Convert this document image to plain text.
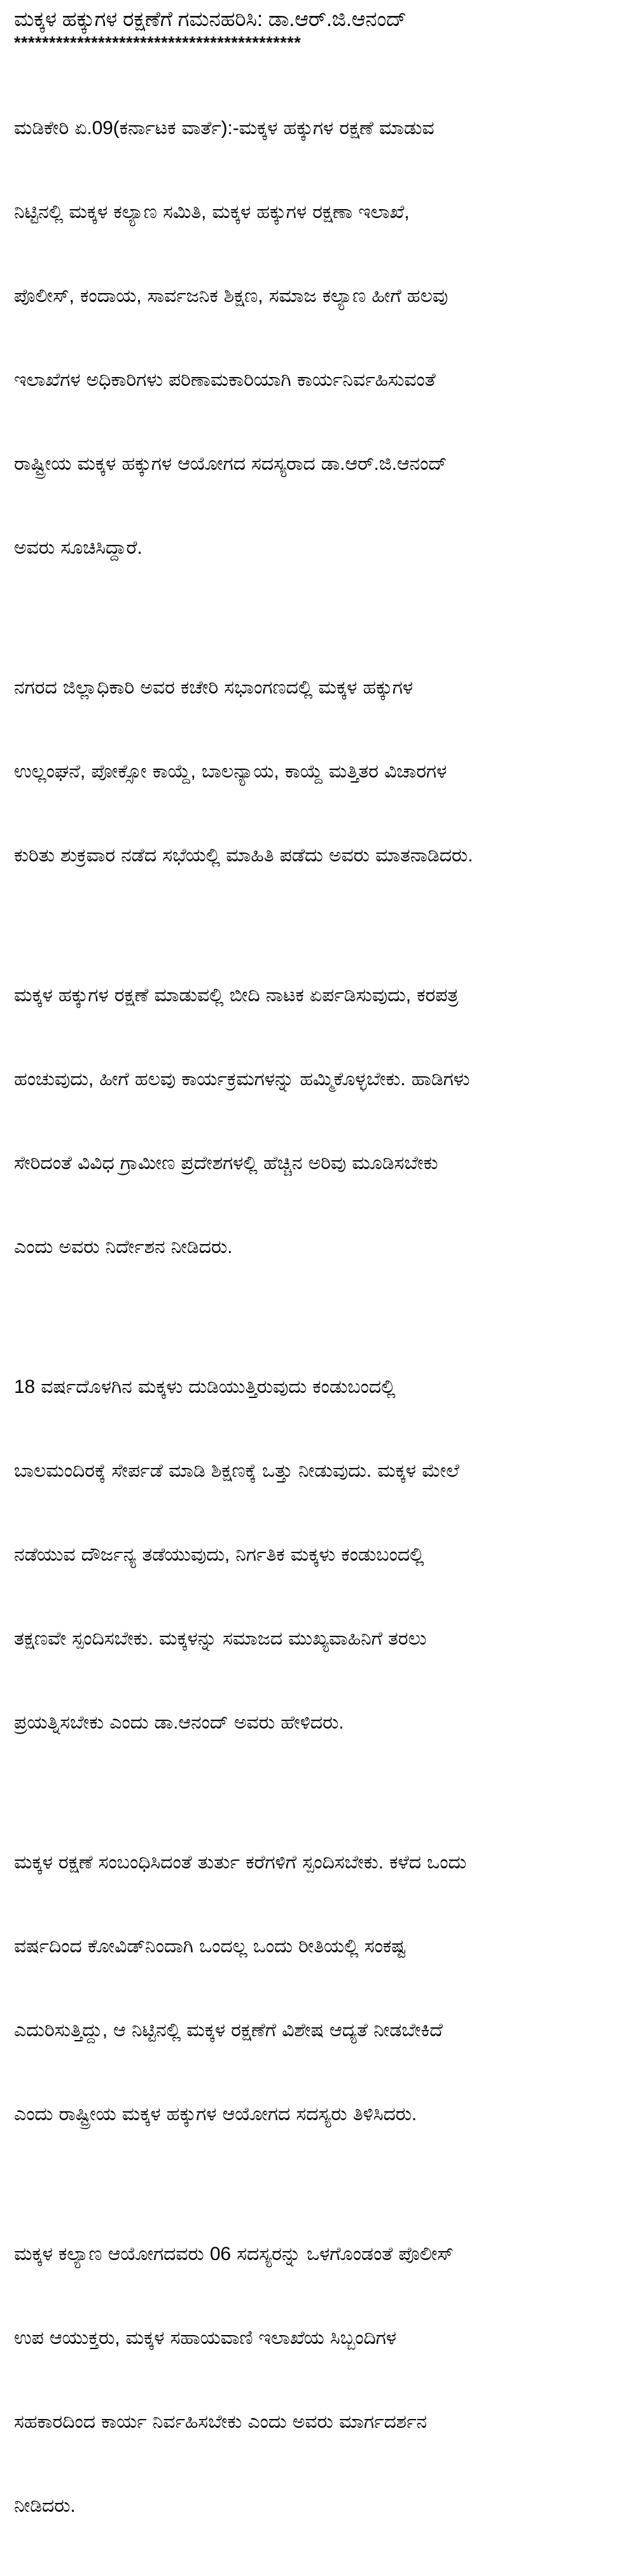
ಮಕ್ಕಳ ಹಕ್ಕುಗಳ ರಕ್ಷಣೆಗೆ ಗಮನಹರಿಸಿ: ಡಾ.ಆರ್.ಜಿ.ಆನಂದ್
*****************************************

ಮಡಿಕೇರಿ ಏ.09(ಕರ್ನಾಟಕ ವಾರ್ತೆ):-ಮಕ್ಕಳ ಹಕ್ಕುಗಳ ರಕ್ಷಣೆ ಮಾಡುವ

ನಿಟ್ಟಿನಲ್ಲಿ ಮಕ್ಕಳ ಕಲ್ಯಾಣ ಸಮಿತಿ, ಮಕ್ಕಳ ಹಕ್ಕುಗಳ ರಕ್ಷಣಾ ಇಲಾಖೆ,

ಪೊಲೀಸ್, ಕಂದಾಯ, ಸಾರ್ವಜನಿಕ ಶಿಕ್ಷಣ, ಸಮಾಜ ಕಲ್ಯಾಣ ಹೀಗೆ ಹಲವು

ಇಲಾಖೆಗಳ ಅಧಿಕಾರಿಗಳು ಪರಿಣಾಮಕಾರಿಯಾಗಿ ಕಾರ್ಯನಿರ್ವಹಿಸುವಂತೆ

ರಾಷ್ಟ್ರೀಯ ಮಕ್ಕಳ ಹಕ್ಕುಗಳ ಆಯೋಗದ ಸದಸ್ಯರಾದ ಡಾ.ಆರ್.ಜಿ.ಆನಂದ್

ಅವರು ಸೂಚಿಸಿದ್ದಾರೆ.

ನಗರದ ಜಿಲ್ಲಾಧಿಕಾರಿ ಅವರ ಕಚೇರಿ ಸಭಾಂಗಣದಲ್ಲಿ ಮಕ್ಕಳ ಹಕ್ಕುಗಳ

ಉಲ್ಲಂಘನೆ, ಪೋಕ್ಸೋ ಕಾಯ್ದೆ, ಬಾಲನ್ಯಾಯ, ಕಾಯ್ದೆ ಮತ್ತಿತರ ವಿಚಾರಗಳ

ಕುರಿತು ಶುಕ್ರವಾರ ನಡೆದ ಸಭೆಯಲ್ಲಿ ಮಾಹಿತಿ ಪಡೆದು ಅವರು ಮಾತನಾಡಿದರು.

ಮಕ್ಕಳ ಹಕ್ಕುಗಳ ರಕ್ಷಣೆ ಮಾಡುವಲ್ಲಿ ಬೀದಿ ನಾಟಕ ಏರ್ಪಡಿಸುವುದು, ಕರಪತ್ರ

ಹಂಚುವುದು, ಹೀಗೆ ಹಲವು ಕಾರ್ಯಕ್ರಮಗಳನ್ನು ಹಮ್ಮಿಕೊಳ್ಳಬೇಕು. ಹಾಡಿಗಳು

ಸೇರಿದಂತೆ ವಿವಿಧ ಗ್ರಾಮೀಣ ಪ್ರದೇಶಗಳಲ್ಲಿ ಹೆಚ್ಚಿನ ಅರಿವು ಮೂಡಿಸಬೇಕು

ಎಂದು ಅವರು ನಿರ್ದೇಶನ ನೀಡಿದರು.

18 ವರ್ಷದೊಳಗಿನ ಮಕ್ಕಳು ದುಡಿಯುತ್ತಿರುವುದು ಕಂಡುಬಂದಲ್ಲಿ

ಬಾಲಮಂದಿರಕ್ಕೆ ಸೇರ್ಪಡೆ ಮಾಡಿ ಶಿಕ್ಷಣಕ್ಕೆ ಒತ್ತು ನೀಡುವುದು. ಮಕ್ಕಳ ಮೇಲೆ

ನಡೆಯುವ ದೌರ್ಜನ್ಯ ತಡೆಯುವುದು, ನಿರ್ಗತಿಕ ಮಕ್ಕಳು ಕಂಡುಬಂದಲ್ಲಿ

ತಕ್ಷಣವೇ ಸ್ಪಂದಿಸಬೇಕು. ಮಕ್ಕಳನ್ನು ಸಮಾಜದ ಮುಖ್ಯವಾಹಿನಿಗೆ ತರಲು

ಪ್ರಯತ್ನಿಸಬೇಕು ಎಂದು ಡಾ.ಆನಂದ್ ಅವರು ಹೇಳಿದರು.

ಮಕ್ಕಳ ರಕ್ಷಣೆ ಸಂಬಂಧಿಸಿದಂತೆ ತುರ್ತು ಕರೆಗಳಿಗೆ ಸ್ಪಂದಿಸಬೇಕು. ಕಳೆದ ಒಂದು

ವರ್ಷದಿಂದ ಕೋವಿಡ್‌ನಿಂದಾಗಿ ಒಂದಲ್ಲ ಒಂದು ರೀತಿಯಲ್ಲಿ ಸಂಕಷ್ಟ

ಎದುರಿಸುತ್ತಿದ್ದು, ಆ ನಿಟ್ಟಿನಲ್ಲಿ ಮಕ್ಕಳ ರಕ್ಷಣೆಗೆ ವಿಶೇಷ ಆದ್ಯತೆ ನೀಡಬೇಕಿದೆ

ಎಂದು ರಾಷ್ಟ್ರೀಯ ಮಕ್ಕಳ ಹಕ್ಕುಗಳ ಆಯೋಗದ ಸದಸ್ಯರು ತಿಳಿಸಿದರು.

ಮಕ್ಕಳ ಕಲ್ಯಾಣ ಆಯೋಗದವರು 06 ಸದಸ್ಯರನ್ನು ಒಳಗೊಂಡಂತೆ ಪೊಲೀಸ್

ಉಪ ಆಯುಕ್ತರು, ಮಕ್ಕಳ ಸಹಾಯವಾಣಿ ಇಲಾಖೆಯ ಸಿಬ್ಬಂದಿಗಳ

ಸಹಕಾರದಿಂದ ಕಾರ್ಯ ನಿರ್ವಹಿಸಬೇಕು ಎಂದು ಅವರು ಮಾರ್ಗದರ್ಶನ

ನೀಡಿದರು.
